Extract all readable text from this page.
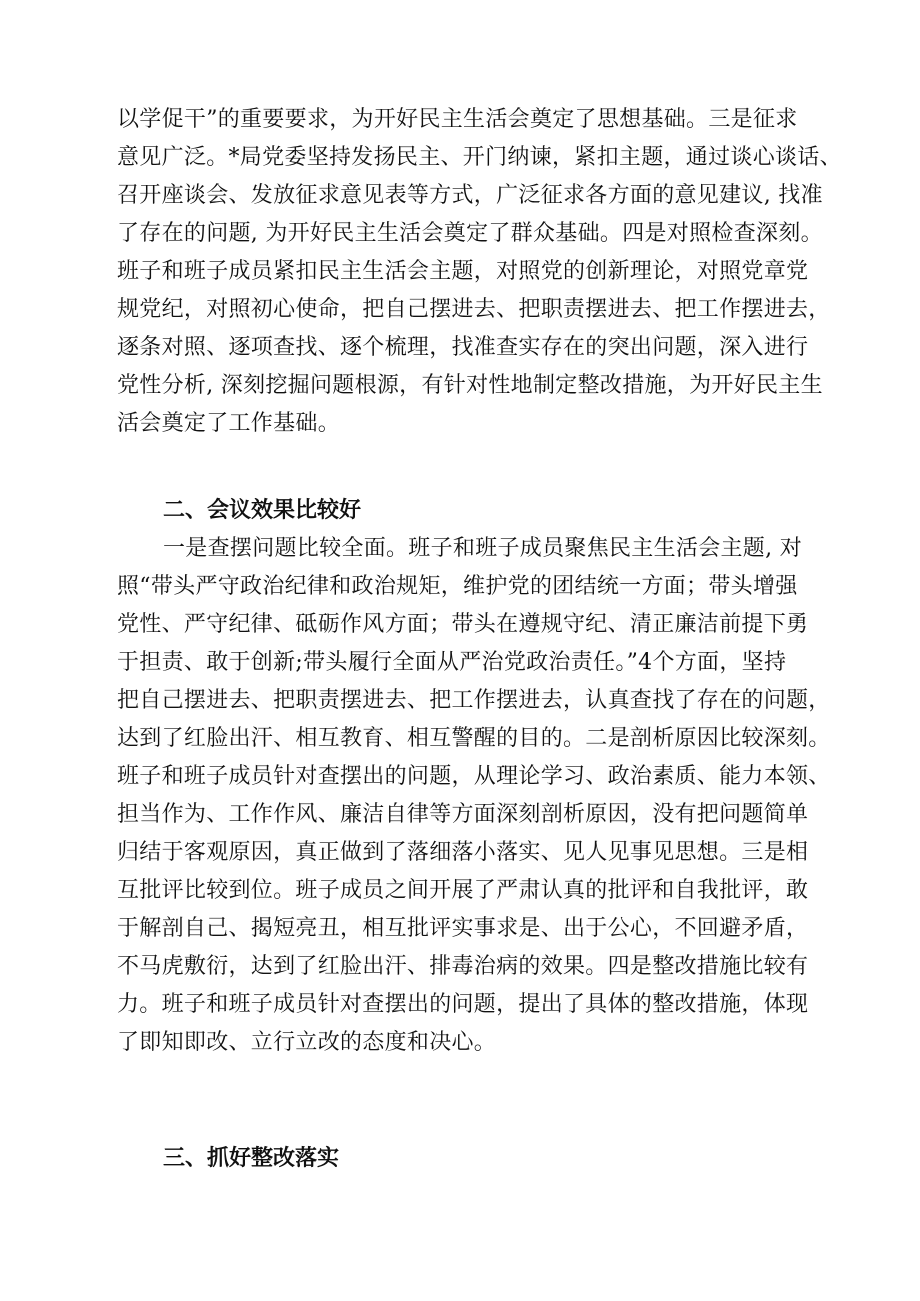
以学促干”的重要要求，为开好民主生活会奠定了思想基础。三是征求
意见广泛。*局党委坚持发扬民主、开门纳谏，紧扣主题，通过谈心谈话、
召开座谈会、发放征求意见表等方式，广泛征求各方面的意见建议, 找准
了存在的问题, 为开好民主生活会奠定了群众基础。四是对照检查深刻。
班子和班子成员紧扣民主生活会主题，对照党的创新理论，对照党章党
规党纪，对照初心使命，把自己摆进去、把职责摆进去、把工作摆进去，
逐条对照、逐项查找、逐个梳理，找准查实存在的突出问题，深入进行
党性分析, 深刻挖掘问题根源，有针对性地制定整改措施，为开好民主生
活会奠定了工作基础。
二、会议效果比较好
一是查摆问题比较全面。班子和班子成员聚焦民主生活会主题, 对
照“带头严守政治纪律和政治规矩，维护党的团结统一方面；带头增强
党性、严守纪律、砥砺作风方面；带头在遵规守纪、清正廉洁前提下勇
于担责、敢于创新;带头履行全面从严治党政治责任。”4个方面，坚持
把自己摆进去、把职责摆进去、把工作摆进去，认真查找了存在的问题，
达到了红脸出汗、相互教育、相互警醒的目的。二是剖析原因比较深刻。
班子和班子成员针对查摆出的问题，从理论学习、政治素质、能力本领、
担当作为、工作作风、廉洁自律等方面深刻剖析原因，没有把问题简单
归结于客观原因，真正做到了落细落小落实、见人见事见思想。三是相
互批评比较到位。班子成员之间开展了严肃认真的批评和自我批评，敢
于解剖自己、揭短亮丑，相互批评实事求是、出于公心，不回避矛盾，
不马虎敷衍，达到了红脸出汗、排毒治病的效果。四是整改措施比较有
力。班子和班子成员针对查摆出的问题，提出了具体的整改措施，体现
了即知即改、立行立改的态度和决心。
三、抓好整改落实
